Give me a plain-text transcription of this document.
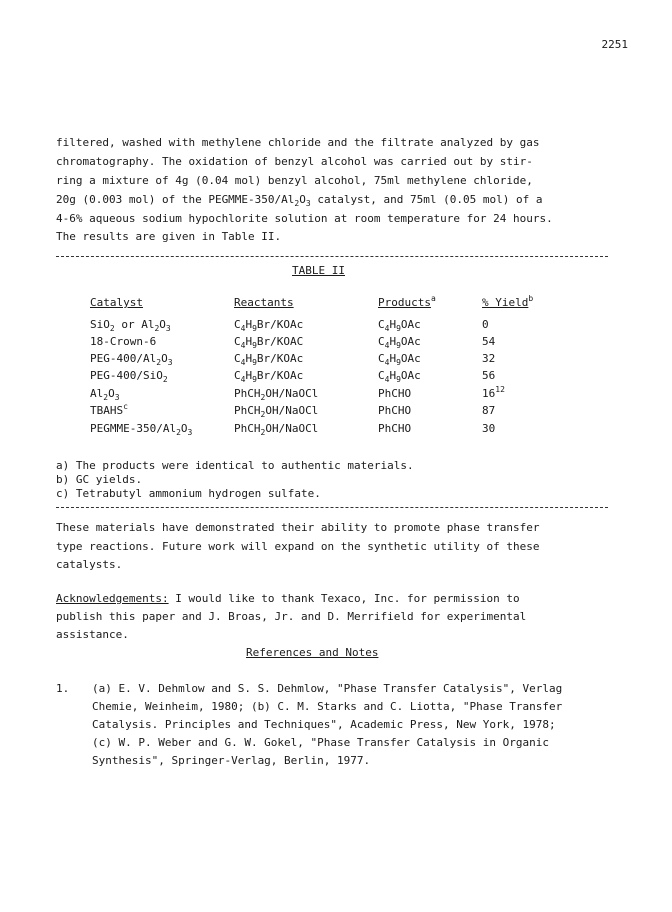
2251
filtered, washed with methylene chloride and the filtrate analyzed by gas
chromatography. The oxidation of benzyl alcohol was carried out by stir-
ring a mixture of 4g (0.04 mol) benzyl alcohol, 75ml methylene chloride,
20g (0.003 mol) of the PEGMME-$350/Al_2O_3$ catalyst, and 75ml (0.05 mol) of a
4-6% aqueous sodium hypochlorite solution at room temperature for 24 hours.
The results are given in Table II.
TABLE II
Catalyst	Reactants	Products$^a$	% Yield$^b$
SiO$_2$ or $Al_2O_3$	$C_4H_9Br$/KOAc	$C_4H_9OAc$	0
18-Crown-6	$C_4H_9Br$/KOAC	$C_4H_9OAc$	54
PEG-$400/Al_2O_3$	$C_4H_9Br$/KOAc	$C_4H_9OAc$	32
PEG-400/SiO$_2$	$C_4H_9Br$/KOAc	$C_4H_9OAc$	56
$Al_2O_3$	PhCH$_2$OH/NaOCl	PhCHO	$16^{12}$
TBAHS$^c$	PhCH$_2$OH/NaOCl	PhCHO	87
PEGMME-$350/Al_2O_3$	PhCH$_2$OH/NaOCl	PhCHO	30
a) The products were identical to authentic materials.
b) GC yields.
c) Tetrabutyl ammonium hydrogen sulfate.
These materials have demonstrated their ability to promote phase transfer
type reactions. Future work will expand on the synthetic utility of these
catalysts.
Acknowledgements: I would like to thank Texaco, Inc. for permission to
publish this paper and J. Broas, Jr. and D. Merrifield for experimental
assistance.
References and Notes
1. (a) E. V. Dehmlow and S. S. Dehmlow, "Phase Transfer Catalysis", Verlag
Chemie, Weinheim, 1980; (b) C. M. Starks and C. Liotta, "Phase Transfer
Catalysis. Principles and Techniques", Academic Press, New York, 1978;
(c) W. P. Weber and G. W. Gokel, "Phase Transfer Catalysis in Organic
Synthesis", Springer-Verlag, Berlin, 1977.
